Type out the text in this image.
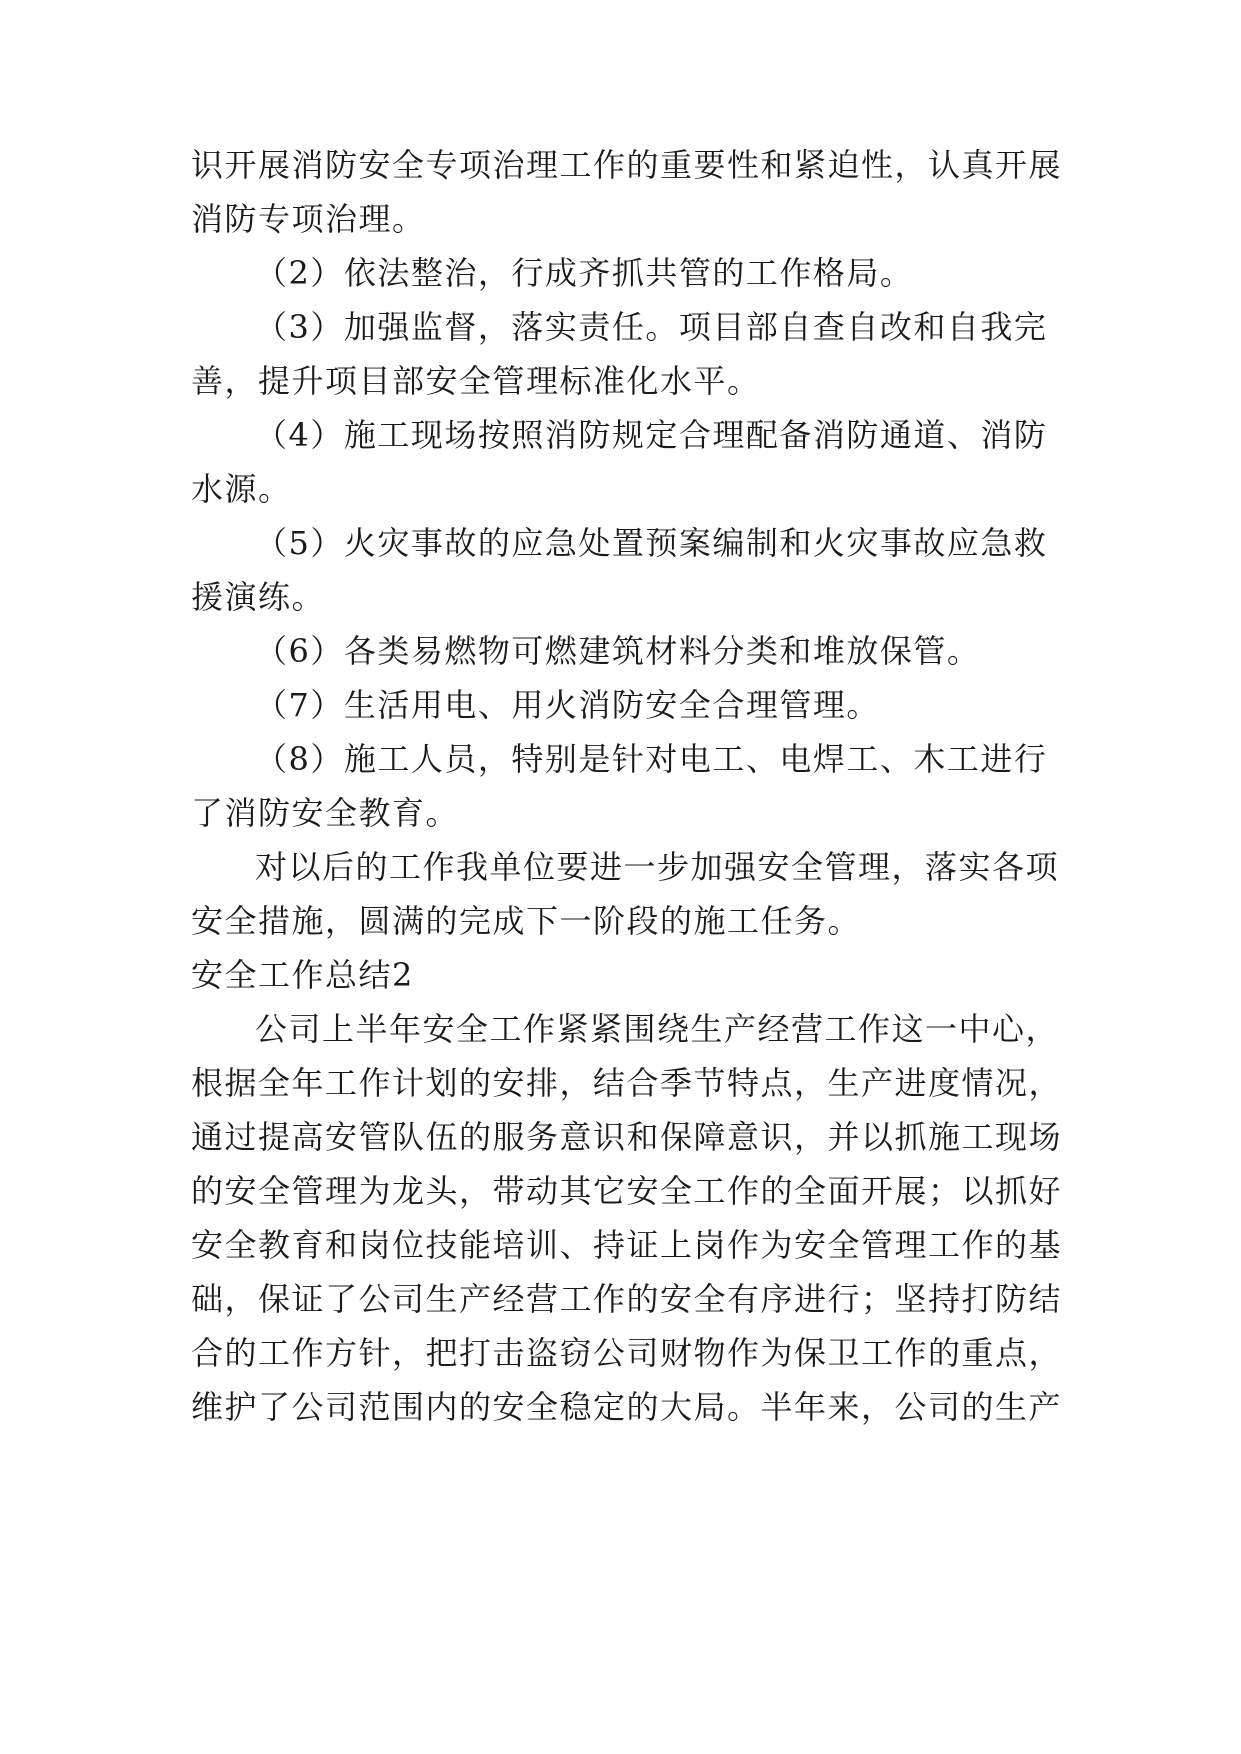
识开展消防安全专项治理工作的重要性和紧迫性，认真开展
消防专项治理。
（2）依法整治，行成齐抓共管的工作格局。
（3）加强监督，落实责任。项目部自查自改和自我完
善，提升项目部安全管理标准化水平。
（4）施工现场按照消防规定合理配备消防通道、消防
水源。
（5）火灾事故的应急处置预案编制和火灾事故应急救
援演练。
（6）各类易燃物可燃建筑材料分类和堆放保管。
（7）生活用电、用火消防安全合理管理。
（8）施工人员，特别是针对电工、电焊工、木工进行
了消防安全教育。
对以后的工作我单位要进一步加强安全管理，落实各项
安全措施，圆满的完成下一阶段的施工任务。
安全工作总结2
公司上半年安全工作紧紧围绕生产经营工作这一中心，
根据全年工作计划的安排，结合季节特点，生产进度情况，
通过提高安管队伍的服务意识和保障意识，并以抓施工现场
的安全管理为龙头，带动其它安全工作的全面开展；以抓好
安全教育和岗位技能培训、持证上岗作为安全管理工作的基
础，保证了公司生产经营工作的安全有序进行；坚持打防结
合的工作方针，把打击盗窃公司财物作为保卫工作的重点，
维护了公司范围内的安全稳定的大局。半年来，公司的生产
